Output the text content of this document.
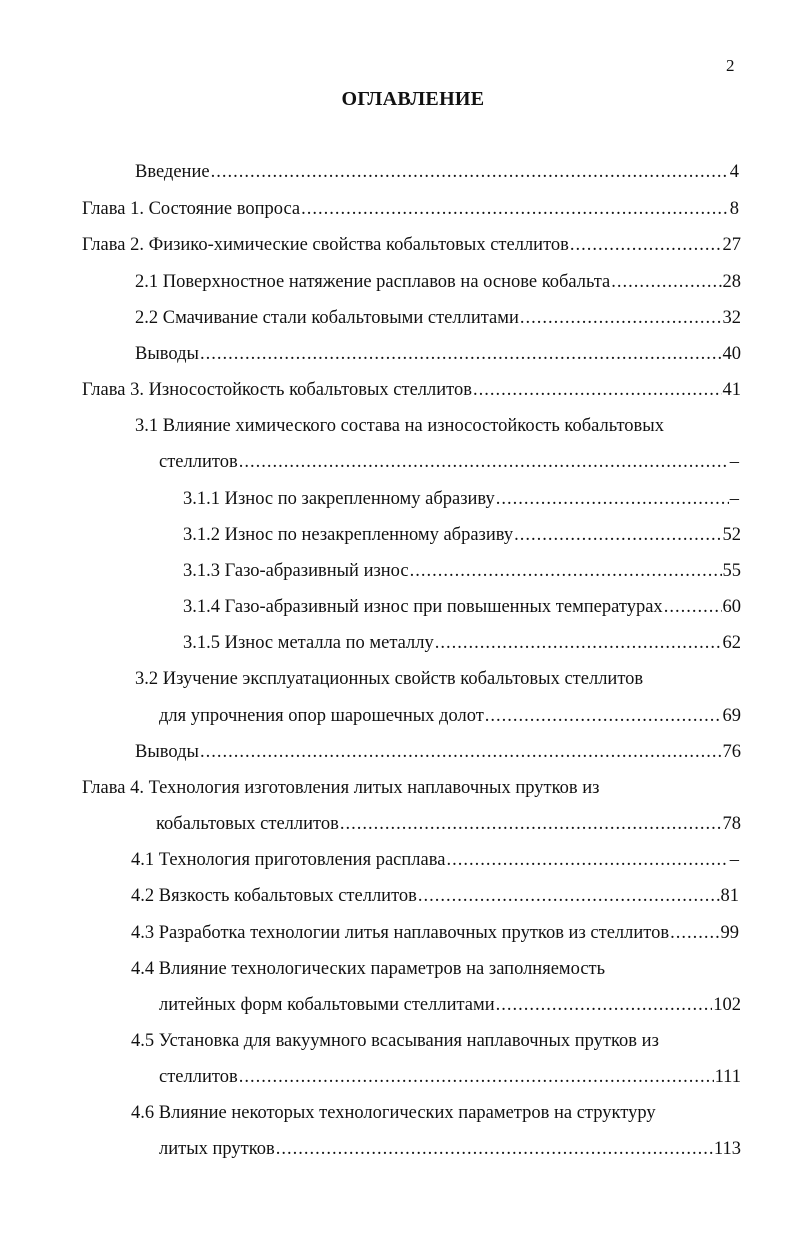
2
ОГЛАВЛЕНИЕ
Введение .....	4
Глава 1. Состояние вопроса .....	8
Глава 2. Физико-химические свойства кобальтовых стеллитов .....	27
2.1 Поверхностное натяжение расплавов на основе кобальта .....	28
2.2 Смачивание стали кобальтовыми стеллитами .....	32
Выводы .....	40
Глава 3. Износостойкость кобальтовых стеллитов .....	41
3.1 Влияние химического состава на износостойкость кобальтовых
стеллитов .....	–
3.1.1 Износ по закрепленному абразиву .....	–
3.1.2 Износ по незакрепленному абразиву .....	52
3.1.3 Газо-абразивный износ .....	55
3.1.4 Газо-абразивный износ при повышенных температурах .....	60
3.1.5 Износ металла по металлу .....	62
3.2 Изучение эксплуатационных свойств кобальтовых стеллитов
для упрочнения опор шарошечных долот .....	69
Выводы .....	76
Глава 4. Технология изготовления литых наплавочных прутков из
кобальтовых стеллитов .....	78
4.1 Технология приготовления расплава .....	–
4.2 Вязкость кобальтовых стеллитов .....	81
4.3 Разработка технологии литья наплавочных прутков из стеллитов .....	99
4.4 Влияние технологических параметров на заполняемость
литейных форм кобальтовыми стеллитами .....	102
4.5 Установка для вакуумного всасывания наплавочных прутков из
стеллитов .....	111
4.6 Влияние некоторых технологических параметров на структуру
литых прутков .....	113
